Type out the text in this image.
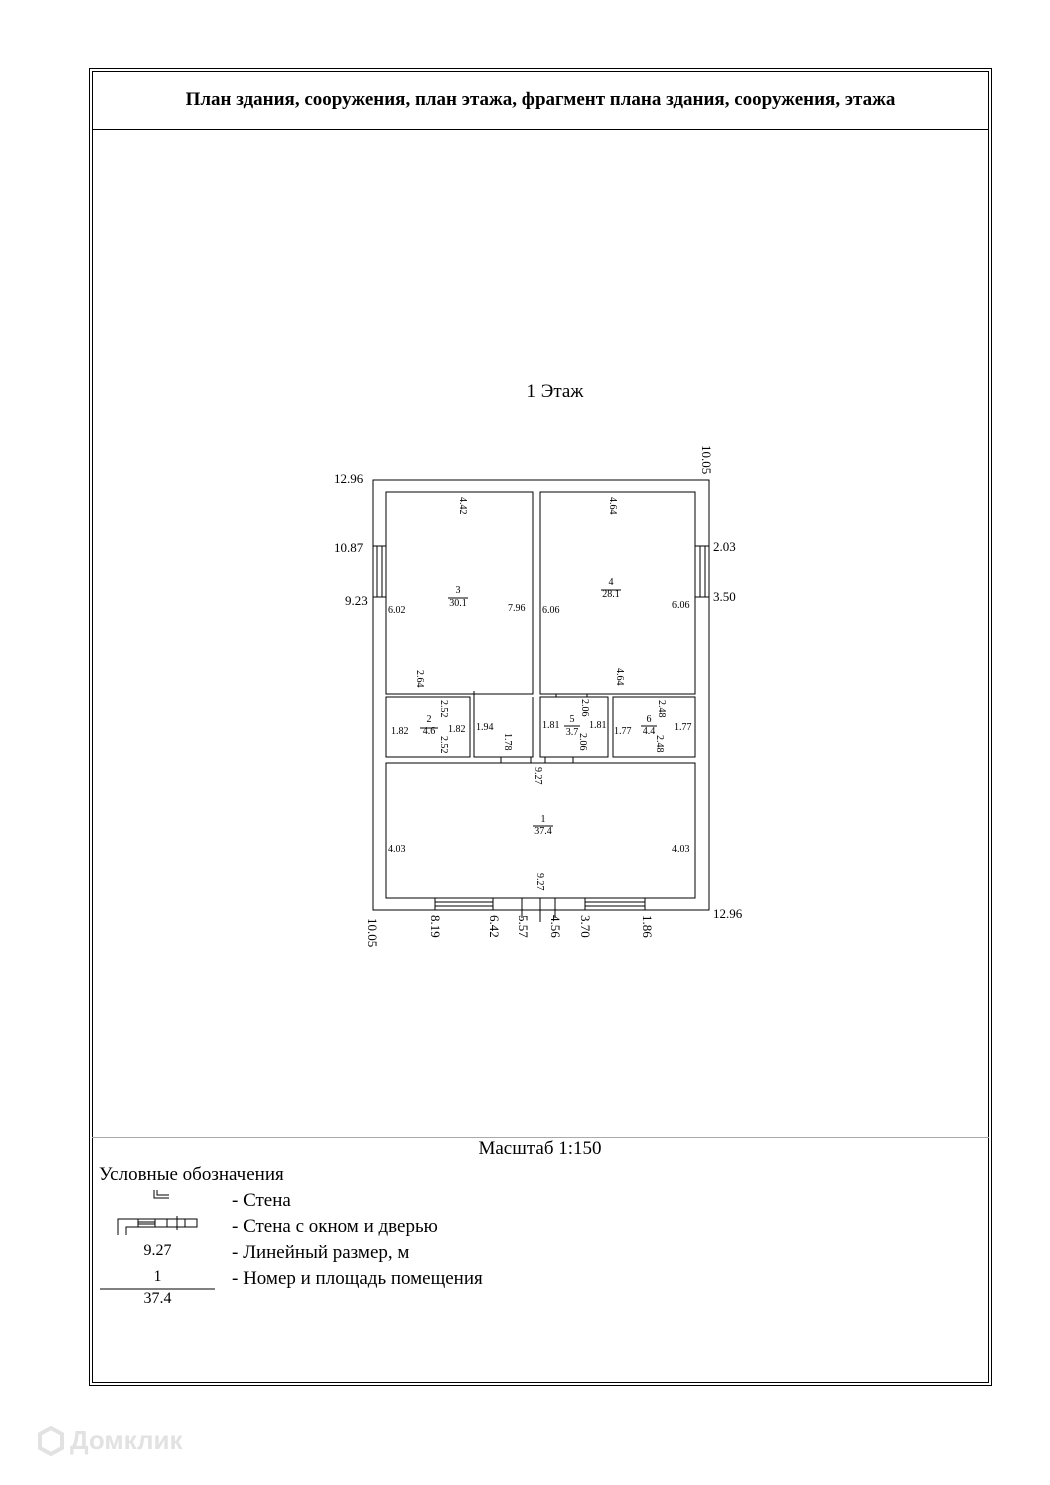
План здания, сооружения, план этажа, фрагмент плана здания, сооружения, этажа
1 Этаж
3
30.1
4
28.1
2
4.6
5
3.7
6
4.4
1
37.4
4.42
6.02	7.96
2.64
4.64
6.06	6.06
4.64
2.52
1.82	1.82
2.52
1.94
1.78
2.06
1.81	1.81
2.06
2.48
1.77	1.77
2.48
9.27
4.03	4.03
9.27
10.05
12.96
10.87
9.23
2.03
3.50
12.96
10.05	8.19	6.42 5.57 4.56 3.70	1.86
Масштаб 1:150
Условные обозначения
- Стена
- Стена с окном и дверью
9.27	- Линейный размер, м
1
37.4
- Номер и площадь помещения
Домклик
